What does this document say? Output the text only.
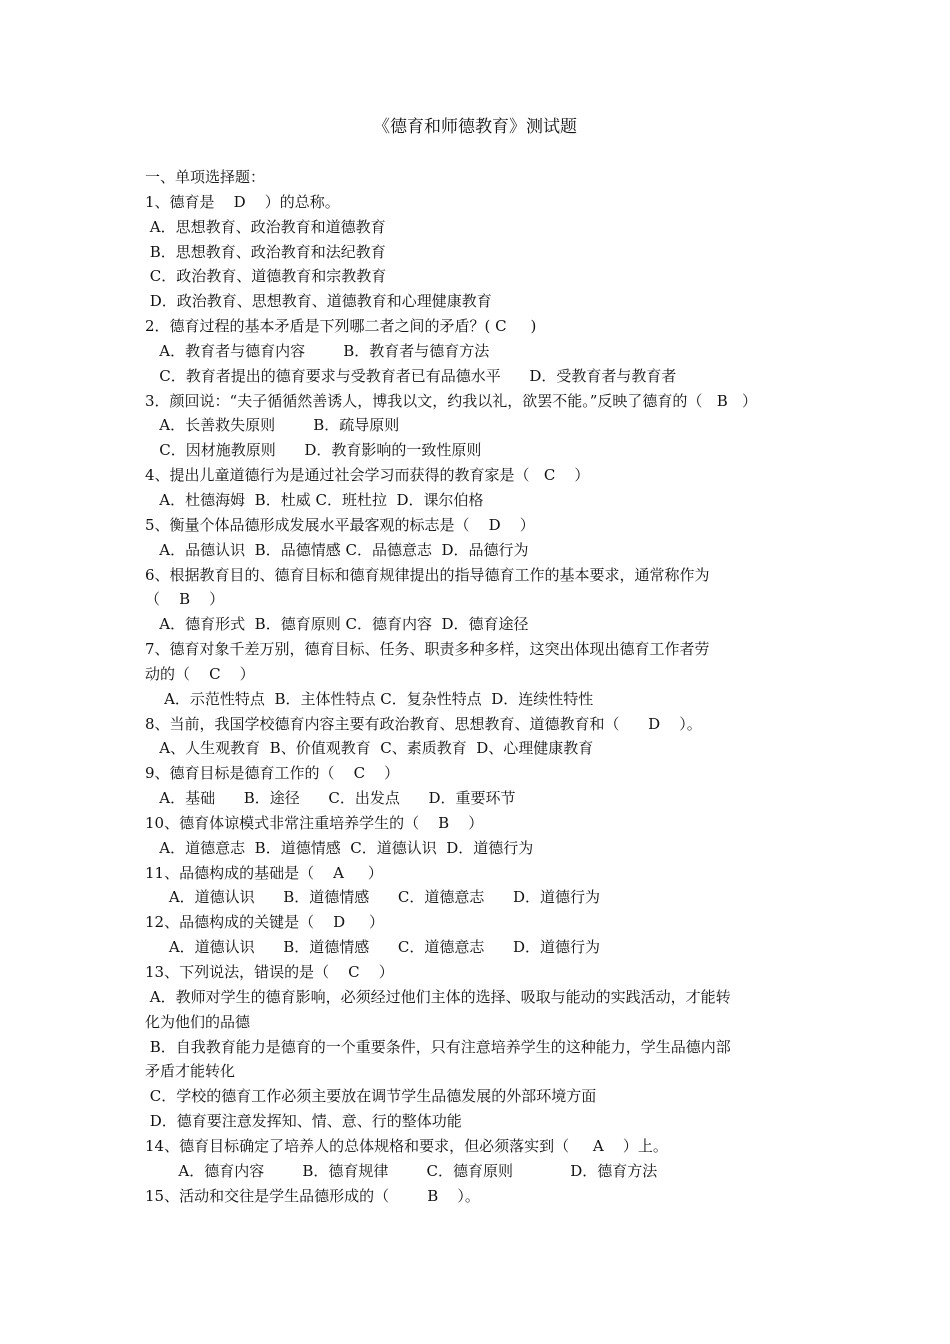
《德育和师德教育》测试题
一、单项选择题：
1、德育是    D    ）的总称。
A．思想教育、政治教育和道德教育
B．思想教育、政治教育和法纪教育
C．政治教育、道德教育和宗教教育
D．政治教育、思想教育、道德教育和心理健康教育
2．德育过程的基本矛盾是下列哪二者之间的矛盾？( C     )
A．教育者与德育内容        B．教育者与德育方法
C．教育者提出的德育要求与受教育者已有品德水平      D．受教育者与教育者
3．颜回说：“夫子循循然善诱人，博我以文，约我以礼，欲罢不能。”反映了德育的（   B   ）
A．长善救失原则        B．疏导原则
C．因材施教原则      D．教育影响的一致性原则
4、提出儿童道德行为是通过社会学习而获得的教育家是（   C    ）
A．杜德海姆  B．杜威 C．班杜拉  D．课尔伯格
5、衡量个体品德形成发展水平最客观的标志是（    D    ）
A．品德认识  B．品德情感 C．品德意志  D．品德行为
6、根据教育目的、德育目标和德育规律提出的指导德育工作的基本要求，通常称作为
（    B    ）
A．德育形式  B．德育原则 C．德育内容  D．德育途径
7、德育对象千差万别，德育目标、任务、职责多种多样，这突出体现出德育工作者劳
动的（    C    ）
A．示范性特点  B．主体性特点 C．复杂性特点  D．连续性特性
8、当前，我国学校德育内容主要有政治教育、思想教育、道德教育和（      D    ）。
A、人生观教育  B、价值观教育  C、素质教育  D、心理健康教育
9、德育目标是德育工作的（    C    ）
A．基础      B．途径      C．出发点      D．重要环节
10、德育体谅模式非常注重培养学生的（    B    ）
A．道德意志  B．道德情感  C．道德认识  D．道德行为
11、品德构成的基础是（    A     ）
A．道德认识      B．道德情感      C．道德意志      D．道德行为
12、品德构成的关键是（    D     ）
A．道德认识      B．道德情感      C．道德意志      D．道德行为
13、下列说法，错误的是（    C    ）
A．教师对学生的德育影响，必须经过他们主体的选择、吸取与能动的实践活动，才能转
化为他们的品德
B．自我教育能力是德育的一个重要条件，只有注意培养学生的这种能力，学生品德内部
矛盾才能转化
C．学校的德育工作必须主要放在调节学生品德发展的外部环境方面
D．德育要注意发挥知、情、意、行的整体功能
14、德育目标确定了培养人的总体规格和要求，但必须落实到（     A    ）上。
A．德育内容        B．德育规律        C．德育原则            D．德育方法
15、活动和交往是学生品德形成的（        B    ）。
